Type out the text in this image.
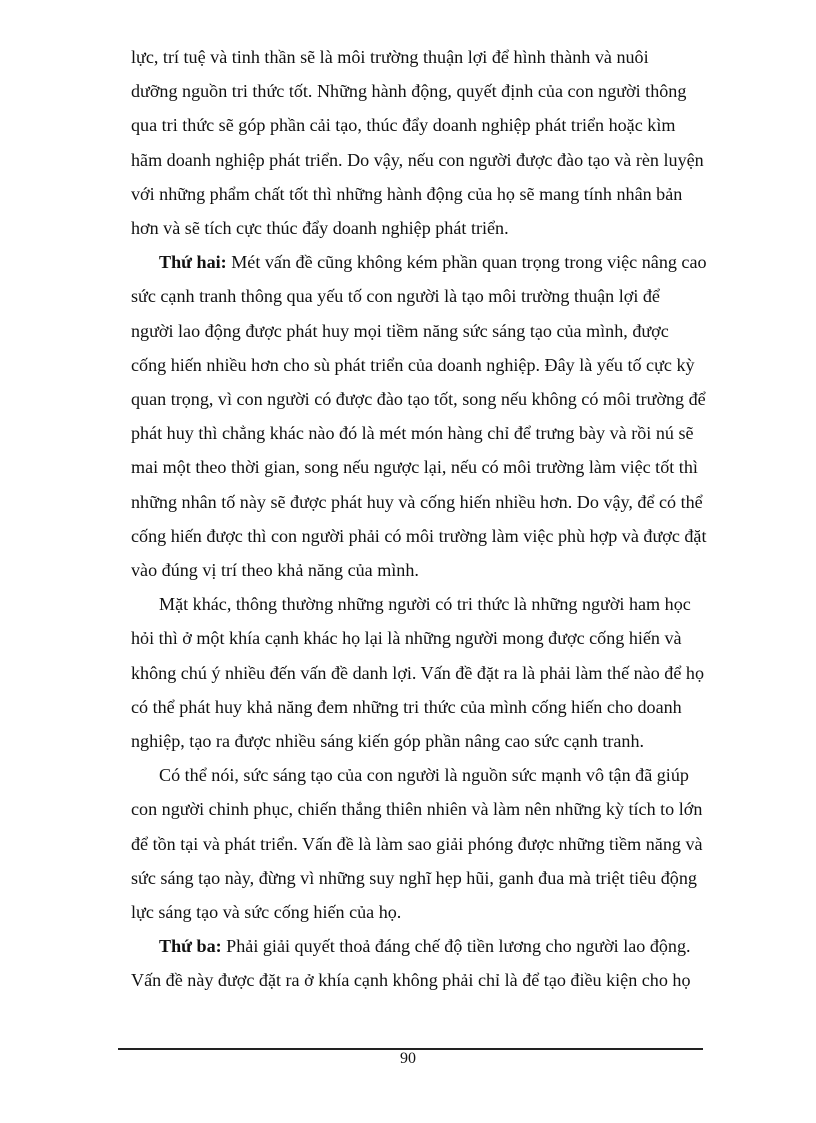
lực, trí tuệ và tinh thần sẽ là môi trường thuận lợi để hình thành và nuôi
dưỡng nguồn tri thức tốt. Những hành động, quyết định của con người thông
qua tri thức sẽ góp phần cải tạo, thúc đẩy doanh nghiệp phát triển hoặc kìm
hãm doanh nghiệp phát triển. Do vậy, nếu con người được đào tạo và rèn luyện
với những phẩm chất tốt thì những hành động của họ sẽ mang tính nhân bản
hơn và sẽ tích cực thúc đẩy doanh nghiệp phát triển.
Thứ hai: Mét vấn đề cũng không kém phần quan trọng trong việc nâng cao
sức cạnh tranh thông qua yếu tố con người là tạo môi trường thuận lợi để
người lao động được phát huy mọi tiềm năng sức sáng tạo của mình, được
cống hiến nhiều hơn cho sù phát triển của doanh nghiệp. Đây là yếu tố cực kỳ
quan trọng, vì con người có được đào tạo tốt, song nếu không có môi trường để
phát huy thì chẳng khác nào đó là mét món hàng chỉ để trưng bày và rồi nú sẽ
mai một theo thời gian, song nếu ngược lại, nếu có môi trường làm việc tốt thì
những nhân tố này sẽ được phát huy và cống hiến nhiều hơn. Do vậy, để có thể
cống hiến được thì con người phải có môi trường làm việc phù hợp và được đặt
vào đúng vị trí theo khả năng của mình.
Mặt khác, thông thường những người có tri thức là những người ham học
hỏi thì ở một khía cạnh khác họ lại là những người mong được cống hiến và
không chú ý nhiều đến vấn đề danh lợi. Vấn đề đặt ra là phải làm thế nào để họ
có thể phát huy khả năng đem những tri thức của mình cống hiến cho doanh
nghiệp, tạo ra được nhiều sáng kiến góp phần nâng cao sức cạnh tranh.
Có thể nói, sức sáng tạo của con người là nguồn sức mạnh vô tận đã giúp
con người chinh phục, chiến thắng thiên nhiên và làm nên những kỳ tích to lớn
để tồn tại và phát triển. Vấn đề là làm sao giải phóng được những tiềm năng và
sức sáng tạo này, đừng vì những suy nghĩ hẹp hũi, ganh đua mà triệt tiêu động
lực sáng tạo và sức cống hiến của họ.
Thứ ba: Phải giải quyết thoả đáng chế độ tiền lương cho người lao động.
Vấn đề này được đặt ra ở khía cạnh không phải chỉ là để tạo điều kiện cho họ
90
